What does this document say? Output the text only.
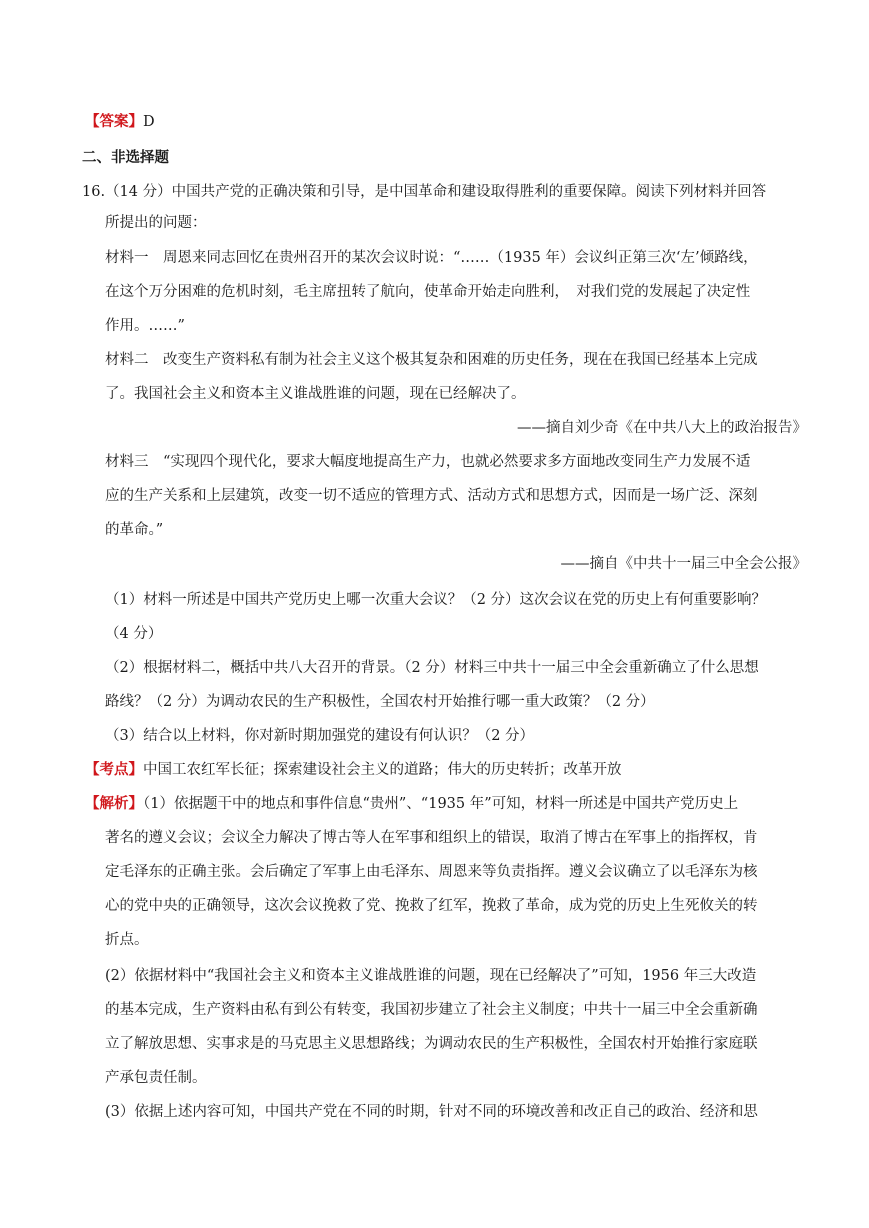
【答案】D
二、非选择题
16.（14 分）中国共产党的正确决策和引导，是中国革命和建设取得胜利的重要保障。阅读下列材料并回答
所提出的问题：
材料一　周恩来同志回忆在贵州召开的某次会议时说：“……（1935 年）会议纠正第三次‘左’倾路线，
在这个万分困难的危机时刻，毛主席扭转了航向，使革命开始走向胜利，　对我们党的发展起了决定性
作用。……”
材料二　改变生产资料私有制为社会主义这个极其复杂和困难的历史任务，现在在我国已经基本上完成
了。我国社会主义和资本主义谁战胜谁的问题，现在已经解决了。
——摘自刘少奇《在中共八大上的政治报告》
材料三　“实现四个现代化，要求大幅度地提高生产力，也就必然要求多方面地改变同生产力发展不适
应的生产关系和上层建筑，改变一切不适应的管理方式、活动方式和思想方式，因而是一场广泛、深刻
的革命。”
——摘自《中共十一届三中全会公报》
（1）材料一所述是中国共产党历史上哪一次重大会议？（2 分）这次会议在党的历史上有何重要影响？
（4 分）
（2）根据材料二，概括中共八大召开的背景。（2 分）材料三中共十一届三中全会重新确立了什么思想
路线？（2 分）为调动农民的生产积极性，全国农村开始推行哪一重大政策？（2 分）
（3）结合以上材料，你对新时期加强党的建设有何认识？（2 分）
【考点】中国工农红军长征；探索建设社会主义的道路；伟大的历史转折；改革开放
【解析】（1）依据题干中的地点和事件信息“贵州”、“1935 年”可知，材料一所述是中国共产党历史上
著名的遵义会议；会议全力解决了博古等人在军事和组织上的错误，取消了博古在军事上的指挥权，肯
定毛泽东的正确主张。会后确定了军事上由毛泽东、周恩来等负责指挥。遵义会议确立了以毛泽东为核
心的党中央的正确领导，这次会议挽救了党、挽救了红军，挽救了革命，成为党的历史上生死攸关的转
折点。
(2）依据材料中“我国社会主义和资本主义谁战胜谁的问题，现在已经解决了”可知，1956 年三大改造
的基本完成，生产资料由私有到公有转变，我国初步建立了社会主义制度；中共十一届三中全会重新确
立了解放思想、实事求是的马克思主义思想路线；为调动农民的生产积极性，全国农村开始推行家庭联
产承包责任制。
(3）依据上述内容可知，中国共产党在不同的时期，针对不同的环境改善和改正自己的政治、经济和思
